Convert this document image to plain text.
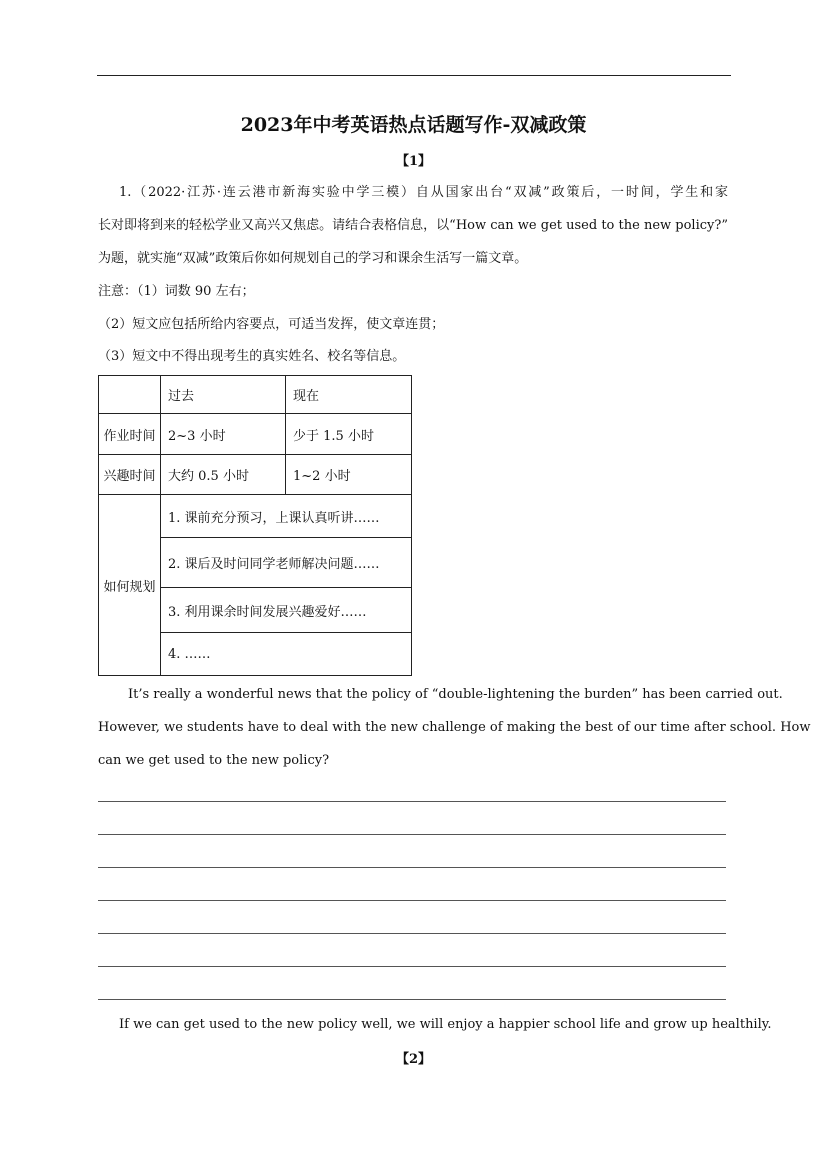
2023年中考英语热点话题写作-双减政策
【1】
1.（2022·江苏·连云港市新海实验中学三模）自从国家出台“双减”政策后，一时间，学生和家
长对即将到来的轻松学业又高兴又焦虑。请结合表格信息，以“How can we get used to the new policy?”
为题，就实施“双减”政策后你如何规划自己的学习和课余生活写一篇文章。
注意：（1）词数 90 左右；
（2）短文应包括所给内容要点，可适当发挥，使文章连贯；
（3）短文中不得出现考生的真实姓名、校名等信息。
	过去	现在
作业时间	2~3 小时	少于 1.5 小时
兴趣时间	大约 0.5 小时	1~2 小时
如何规划	1. 课前充分预习，上课认真听讲……	
	2. 课后及时问同学老师解决问题……	
	3. 利用课余时间发展兴趣爱好……	
	4. ……	
It’s really a wonderful news that the policy of “double-lightening the burden” has been carried out.
However, we students have to deal with the new challenge of making the best of our time after school. How
can we get used to the new policy?
If we can get used to the new policy well, we will enjoy a happier school life and grow up healthily.
【2】
